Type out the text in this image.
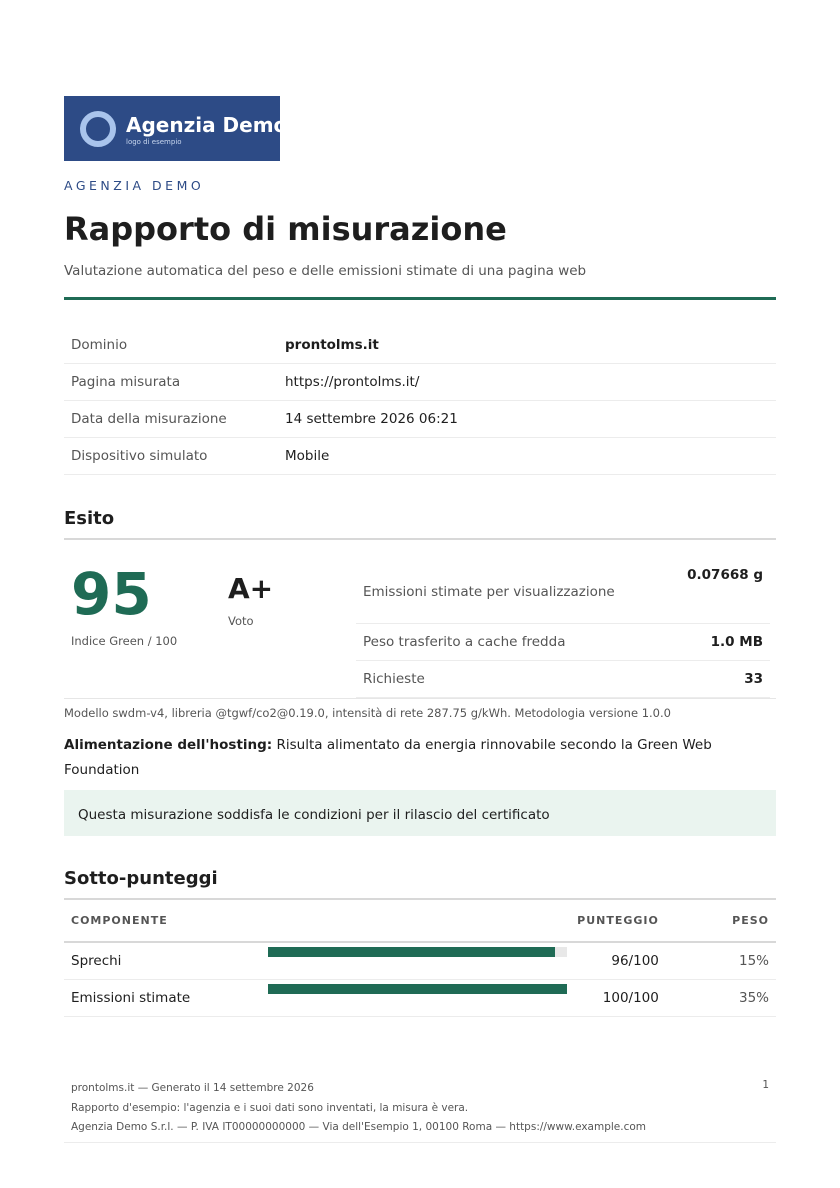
Agenzia Demo
logo di esempio
AGENZIA DEMO
Rapporto di misurazione
Valutazione automatica del peso e delle emissioni stimate di una pagina web
Dominio	prontolms.it
Pagina misurata	https://prontolms.it/
Data della misurazione	14 settembre 2026 06:21
Dispositivo simulato	Mobile
Esito
95
Indice Green / 100
A+
Voto
Emissioni stimate per visualizzazione	0.07668 g
Peso trasferito a cache fredda	1.0 MB
Richieste	33
Modello swdm-v4, libreria @tgwf/co2@0.19.0, intensità di rete 287.75 g/kWh. Metodologia versione 1.0.0
Alimentazione dell'hosting: Risulta alimentato da energia rinnovabile secondo la Green Web Foundation
Questa misurazione soddisfa le condizioni per il rilascio del certificato
Sotto-punteggi
COMPONENTE		PUNTEGGIO	PESO
Sprechi		96/100	15%
Emissioni stimate		100/100	35%
prontolms.it — Generato il 14 settembre 2026	1
Rapporto d'esempio: l'agenzia e i suoi dati sono inventati, la misura è vera.
Agenzia Demo S.r.l. — P. IVA IT00000000000 — Via dell'Esempio 1, 00100 Roma — https://www.example.com
